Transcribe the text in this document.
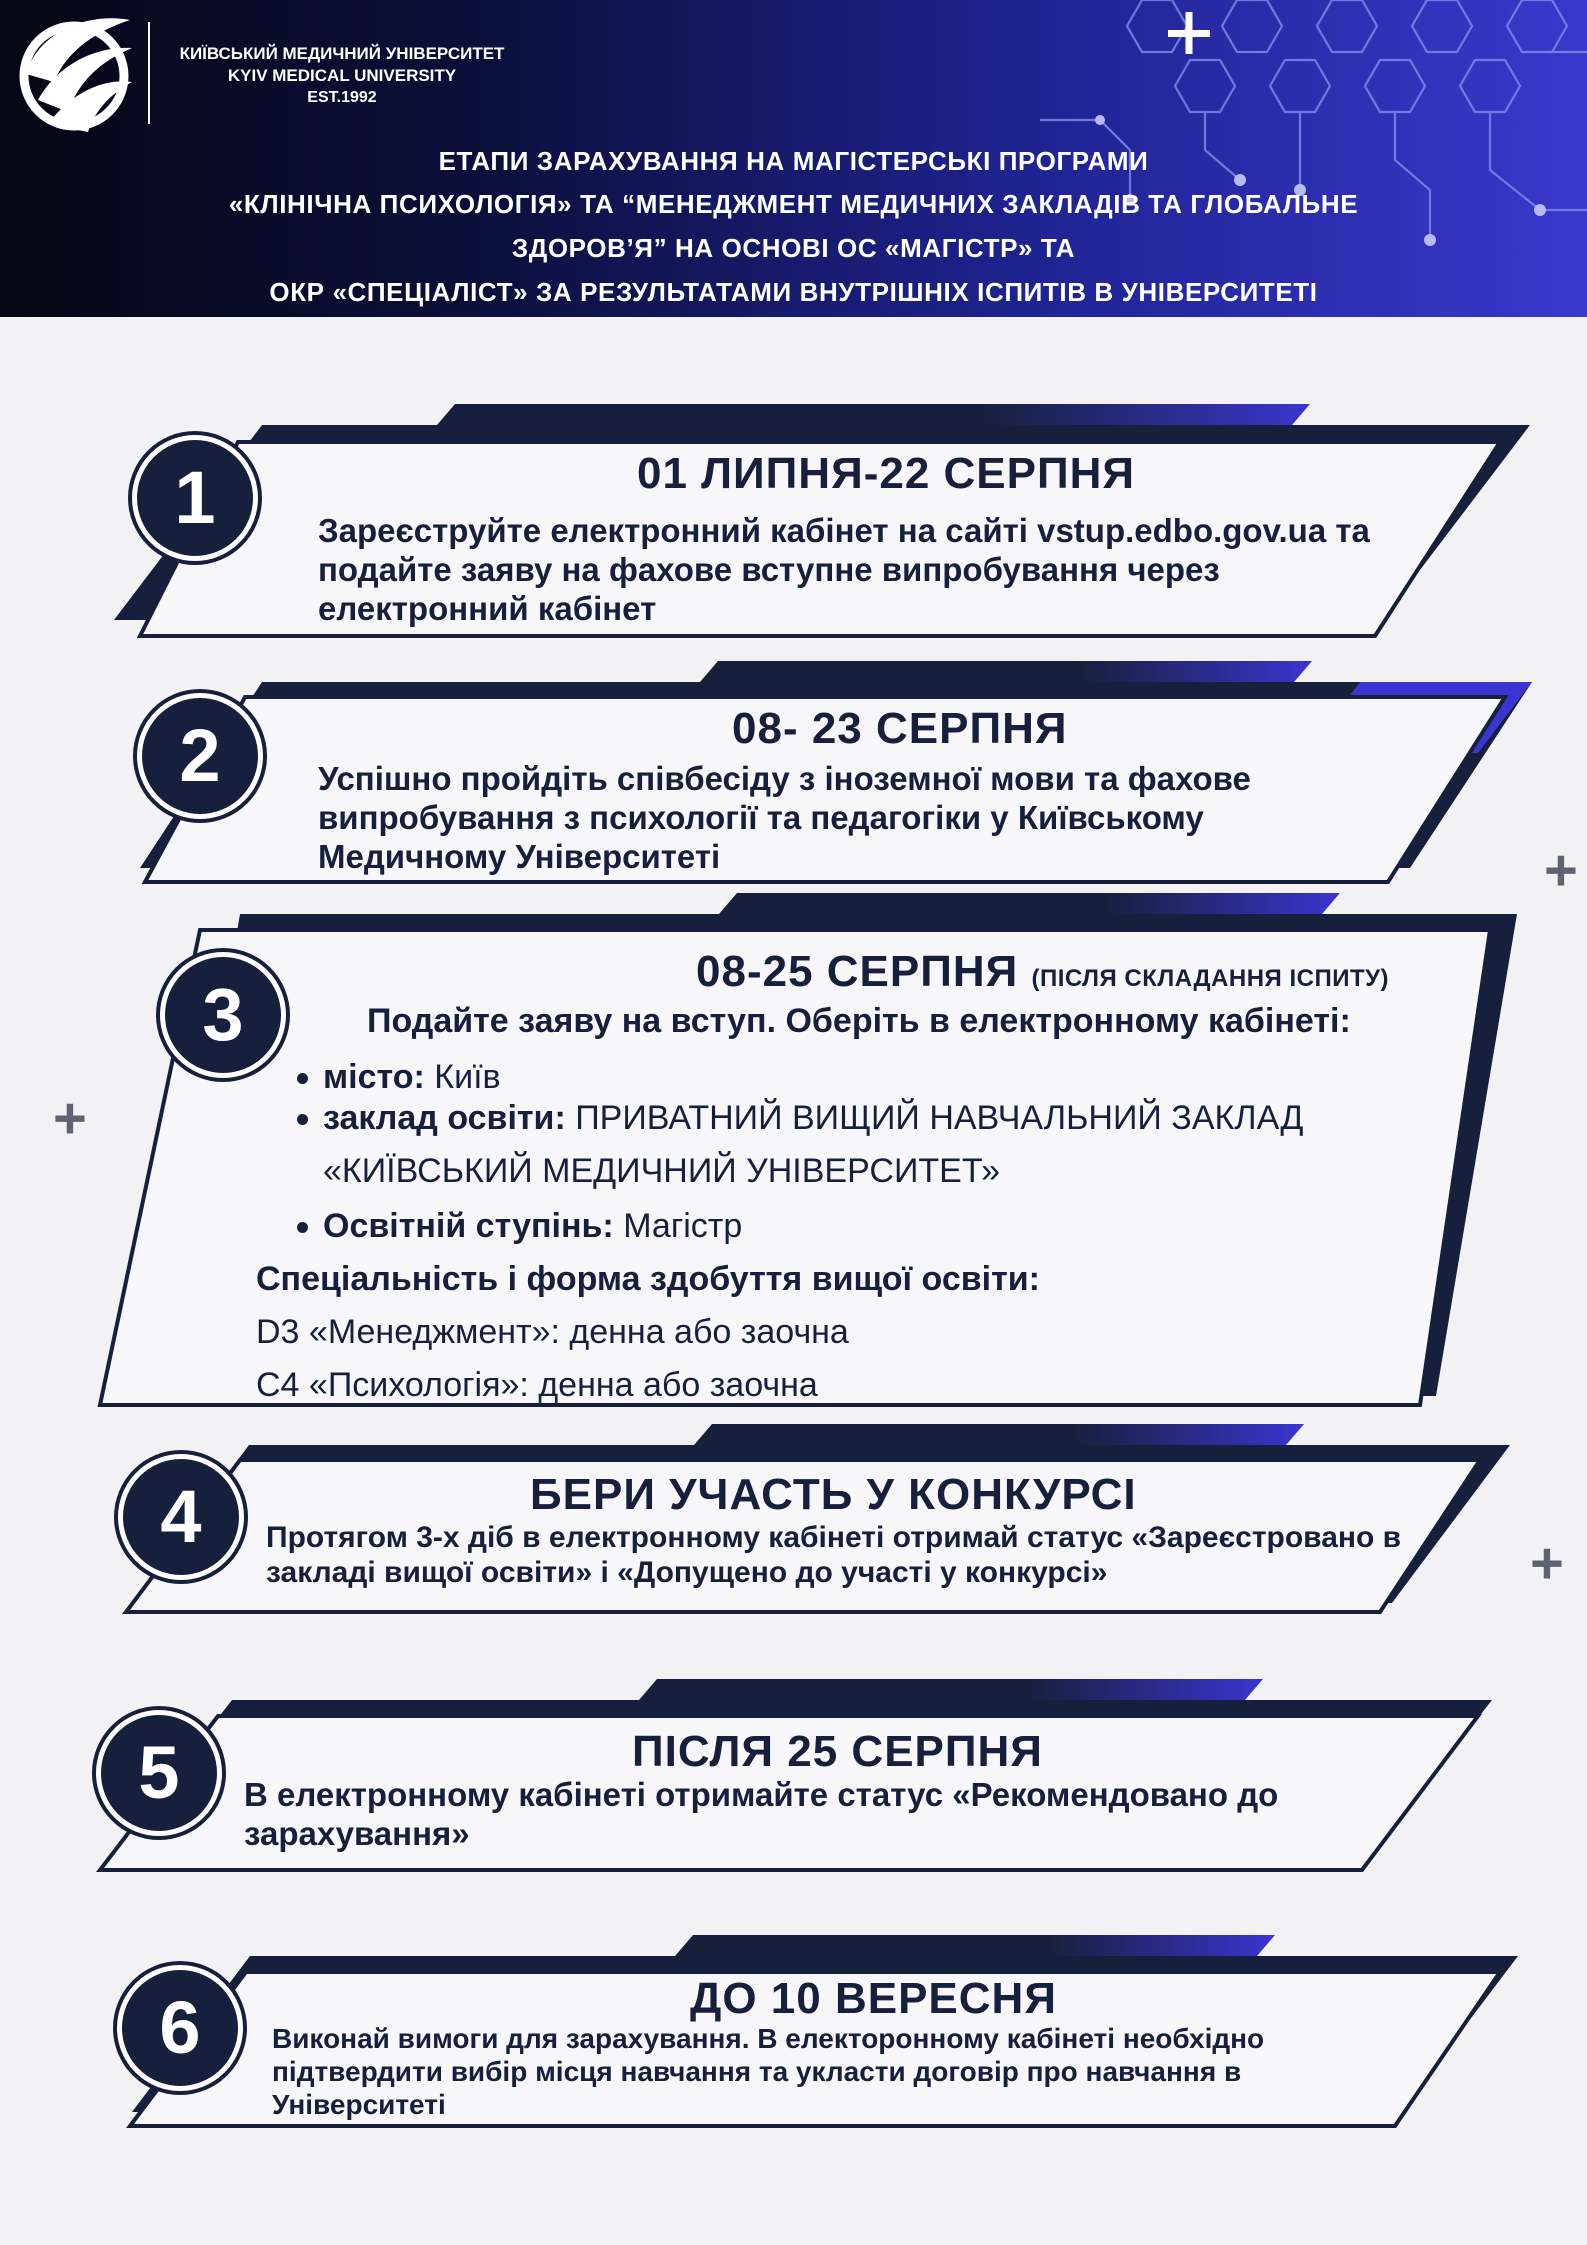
КИЇВСЬКИЙ МЕДИЧНИЙ УНІВЕРСИТЕТ
KYIV MEDICAL UNIVERSITY
EST.1992
ЕТАПИ ЗАРАХУВАННЯ НА МАГІСТЕРСЬКІ ПРОГРАМИ
«КЛІНІЧНА ПСИХОЛОГІЯ» ТА “МЕНЕДЖМЕНТ МЕДИЧНИХ ЗАКЛАДІВ ТА ГЛОБАЛЬНЕ
ЗДОРОВ’Я” НА ОСНОВІ ОС «МАГІСТР» ТА
ОКР «СПЕЦІАЛІСТ» ЗА РЕЗУЛЬТАТАМИ ВНУТРІШНІХ ІСПИТІВ В УНІВЕРСИТЕТІ
+
+
+
1	01 ЛИПНЯ-22 СЕРПНЯ
Зареєструйте електронний кабінет на сайті vstup.edbo.gov.ua та подайте заяву на фахове вступне випробування через електронний кабінет
2	08- 23 СЕРПНЯ
Успішно пройдіть співбесіду з іноземної мови та фахове випробування з психології та педагогіки у Київському Медичному Університеті
3
08-25 СЕРПНЯ (ПІСЛЯ СКЛАДАННЯ ІСПИТУ)
Подайте заяву на вступ. Оберіть в електронному кабінеті:
місто: Київ
заклад освіти: ПРИВАТНИЙ ВИЩИЙ НАВЧАЛЬНИЙ ЗАКЛАД
«КИЇВСЬКИЙ МЕДИЧНИЙ УНІВЕРСИТЕТ»
Освітній ступінь: Магістр
Спеціальність і форма здобуття вищої освіти:
D3 «Менеджмент»: денна або заочна
C4 «Психологія»: денна або заочна
4	БЕРИ УЧАСТЬ У КОНКУРСІ
Протягом 3-х діб в електронному кабінеті отримай статус «Зареєстровано в закладі вищої освіти» і «Допущено до участі у конкурсі»
5	ПІСЛЯ 25 СЕРПНЯ
В електронному кабінеті отримайте статус «Рекомендовано до зарахування»
6	ДО 10 ВЕРЕСНЯ
Виконай вимоги для зарахування. В електоронному кабінеті необхідно підтвердити вибір місця навчання та укласти договір про навчання в Університеті
